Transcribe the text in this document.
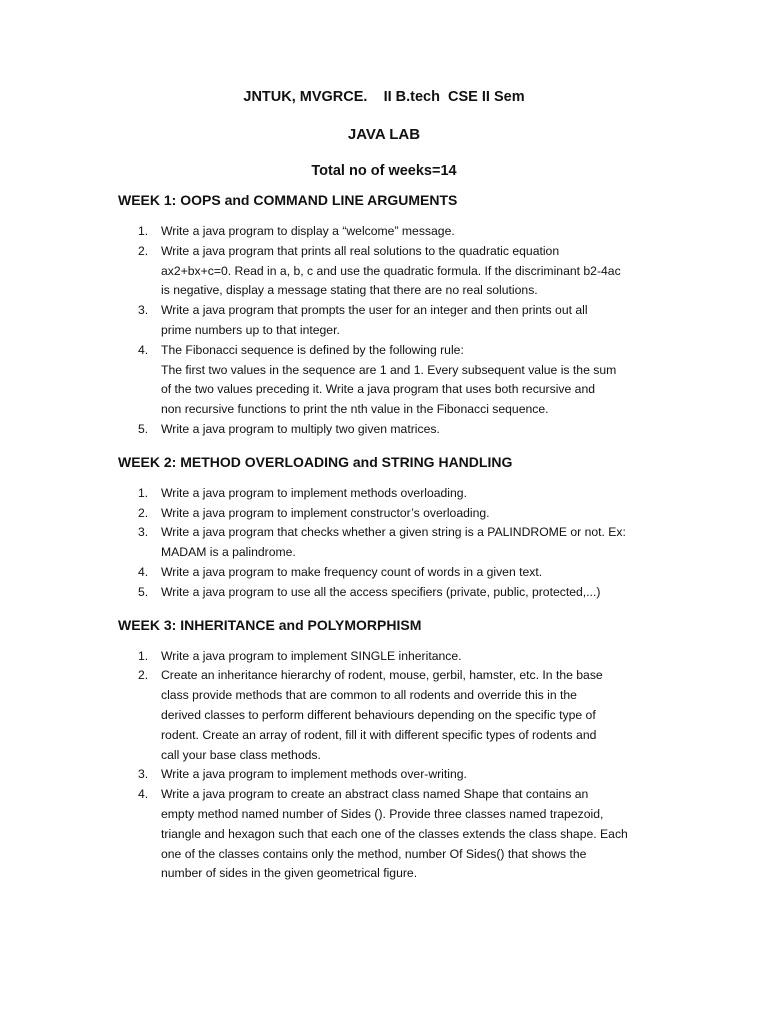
JNTUK, MVGRCE.    II B.tech  CSE II Sem
JAVA LAB
Total no of weeks=14
WEEK 1: OOPS and COMMAND LINE ARGUMENTS
1. Write a java program to display a “welcome” message.
2. Write a java program that prints all real solutions to the quadratic equation
ax2+bx+c=0. Read in a, b, c and use the quadratic formula. If the discriminant b2-4ac
is negative, display a message stating that there are no real solutions.
3. Write a java program that prompts the user for an integer and then prints out all
prime numbers up to that integer.
4. The Fibonacci sequence is defined by the following rule:
The first two values in the sequence are 1 and 1. Every subsequent value is the sum
of the two values preceding it. Write a java program that uses both recursive and
non recursive functions to print the nth value in the Fibonacci sequence.
5. Write a java program to multiply two given matrices.
WEEK 2: METHOD OVERLOADING and STRING HANDLING
1. Write a java program to implement methods overloading.
2. Write a java program to implement constructor’s overloading.
3. Write a java program that checks whether a given string is a PALINDROME or not. Ex:
MADAM is a palindrome.
4. Write a java program to make frequency count of words in a given text.
5. Write a java program to use all the access specifiers (private, public, protected,...)
WEEK 3: INHERITANCE and POLYMORPHISM
1. Write a java program to implement SINGLE inheritance.
2. Create an inheritance hierarchy of rodent, mouse, gerbil, hamster, etc. In the base
class provide methods that are common to all rodents and override this in the
derived classes to perform different behaviours depending on the specific type of
rodent. Create an array of rodent, fill it with different specific types of rodents and
call your base class methods.
3. Write a java program to implement methods over-writing.
4. Write a java program to create an abstract class named Shape that contains an
empty method named number of Sides (). Provide three classes named trapezoid,
triangle and hexagon such that each one of the classes extends the class shape. Each
one of the classes contains only the method, number Of Sides() that shows the
number of sides in the given geometrical figure.
